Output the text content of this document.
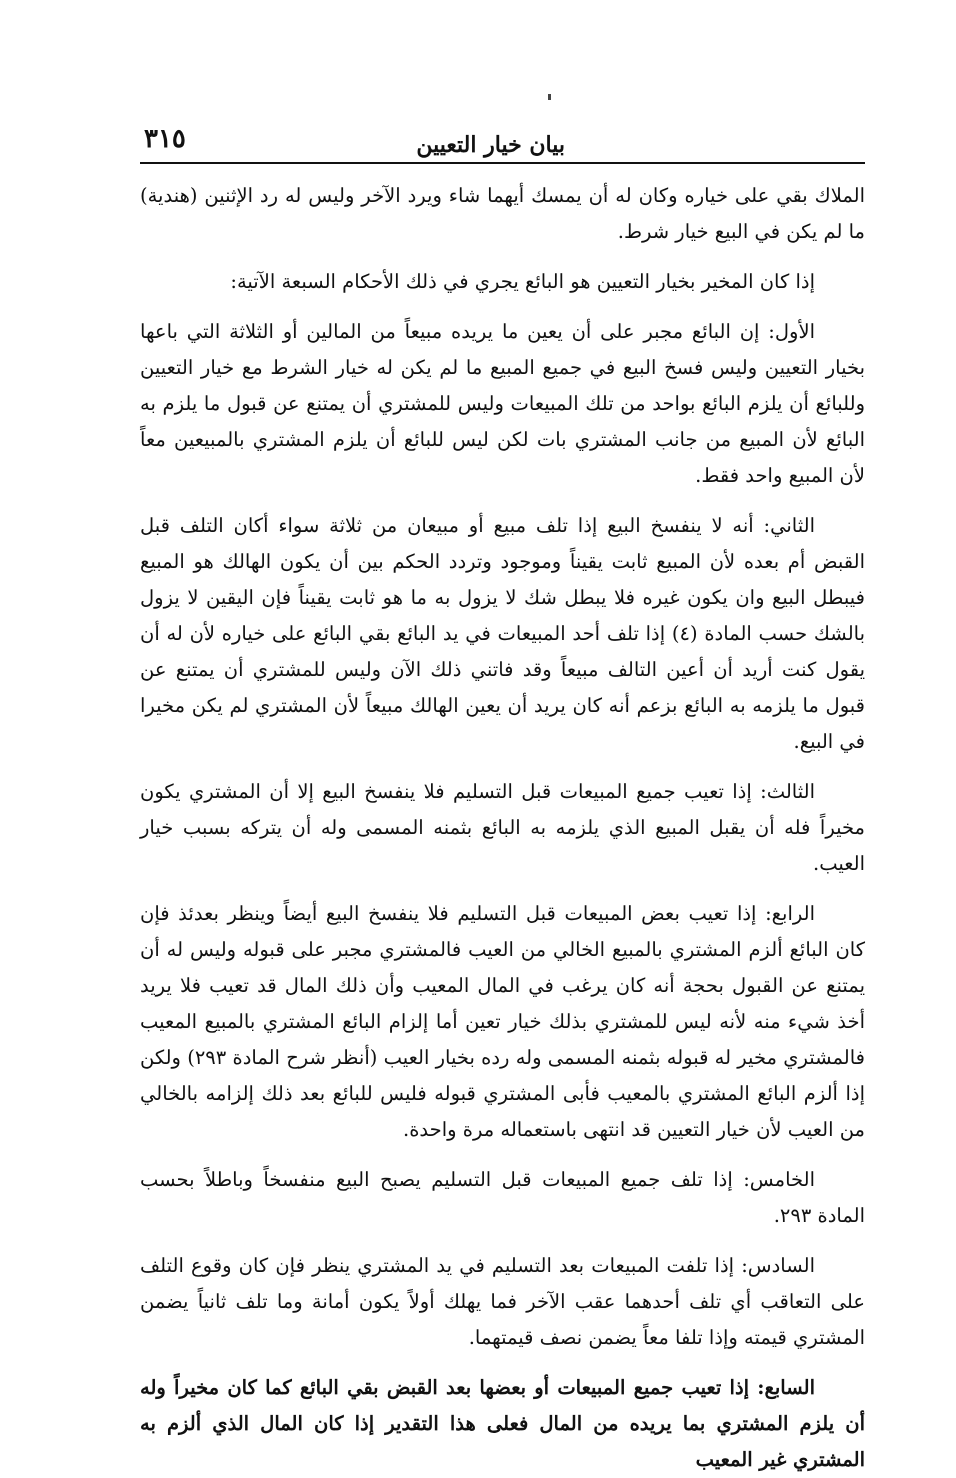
٣١٥	بيان خيار التعيين

الملاك بقي على خياره وكان له أن يمسك أيهما شاء ويرد الآخر وليس له رد الإثنين (هندية) ما لم يكن في البيع خيار شرط.

إذا كان المخير بخيار التعيين هو البائع يجري في ذلك الأحكام السبعة الآتية:

الأول: إن البائع مجبر على أن يعين ما يريده مبيعاً من المالين أو الثلاثة التي باعها بخيار التعيين وليس فسخ البيع في جميع المبيع ما لم يكن له خيار الشرط مع خيار التعيين وللبائع أن يلزم البائع بواحد من تلك المبيعات وليس للمشتري أن يمتنع عن قبول ما يلزم به البائع لأن المبيع من جانب المشتري بات لكن ليس للبائع أن يلزم المشتري بالمبيعين معاً لأن المبيع واحد فقط.

الثاني: أنه لا ينفسخ البيع إذا تلف مبيع أو مبيعان من ثلاثة سواء أكان التلف قبل القبض أم بعده لأن المبيع ثابت يقيناً وموجود وتردد الحكم بين أن يكون الهالك هو المبيع فيبطل البيع وان يكون غيره فلا يبطل شك لا يزول به ما هو ثابت يقيناً فإن اليقين لا يزول بالشك حسب المادة (٤) إذا تلف أحد المبيعات في يد البائع بقي البائع على خياره لأن له أن يقول كنت أريد أن أعين التالف مبيعاً وقد فاتني ذلك الآن وليس للمشتري أن يمتنع عن قبول ما يلزمه به البائع بزعم أنه كان يريد أن يعين الهالك مبيعاً لأن المشتري لم يكن مخيرا في البيع.

الثالث: إذا تعيب جميع المبيعات قبل التسليم فلا ينفسخ البيع إلا أن المشتري يكون مخيراً فله أن يقبل المبيع الذي يلزمه به البائع بثمنه المسمى وله أن يتركه بسبب خيار العيب.

الرابع: إذا تعيب بعض المبيعات قبل التسليم فلا ينفسخ البيع أيضاً وينظر بعدئذ فإن كان البائع ألزم المشتري بالمبيع الخالي من العيب فالمشتري مجبر على قبوله وليس له أن يمتنع عن القبول بحجة أنه كان يرغب في المال المعيب وأن ذلك المال قد تعيب فلا يريد أخذ شيء منه لأنه ليس للمشتري بذلك خيار تعين أما إلزام البائع المشتري بالمبيع المعيب فالمشتري مخير له قبوله بثمنه المسمى وله رده بخيار العيب (أنظر شرح المادة ٢٩٣) ولكن إذا ألزم البائع المشتري بالمعيب فأبى المشتري قبوله فليس للبائع بعد ذلك إلزامه بالخالي من العيب لأن خيار التعيين قد انتهى باستعماله مرة واحدة.

الخامس: إذا تلف جميع المبيعات قبل التسليم يصبح البيع منفسخاً وباطلاً بحسب المادة ٢٩٣.

السادس: إذا تلفت المبيعات بعد التسليم في يد المشتري ينظر فإن كان وقوع التلف على التعاقب أي تلف أحدهما عقب الآخر فما يهلك أولاً يكون أمانة وما تلف ثانياً يضمن المشتري قيمته وإذا تلفا معاً يضمن نصف قيمتهما.

السابع: إذا تعيب جميع المبيعات أو بعضها بعد القبض بقي البائع كما كان مخيراً وله أن يلزم المشتري بما يريده من المال فعلى هذا التقدير إذا كان المال الذي ألزم به المشتري غير المعيب
